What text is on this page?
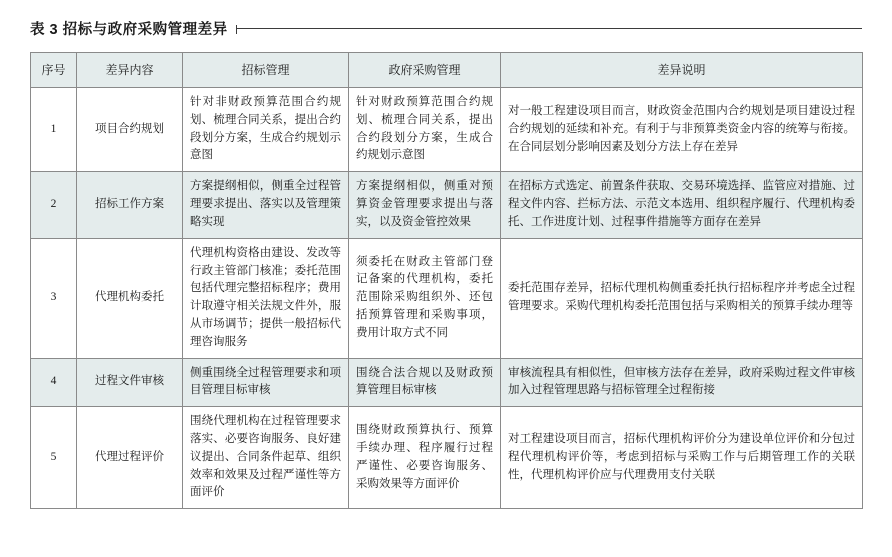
表 3 招标与政府采购管理差异
序号	差异内容	招标管理	政府采购管理	差异说明
1	项目合约规划	针对非财政预算范围合约规划、梳理合同关系，提出合约段划分方案，生成合约规划示意图	针对财政预算范围合约规划、梳理合同关系，提出合约段划分方案，生成合约规划示意图	对一般工程建设项目而言，财政资金范围内合约规划是项目建设过程合约规划的延续和补充。有利于与非预算类资金内容的统筹与衔接。在合同层划分影响因素及划分方法上存在差异
2	招标工作方案	方案提纲相似，侧重全过程管理要求提出、落实以及管理策略实现	方案提纲相似，侧重对预算资金管理要求提出与落实，以及资金管控效果	在招标方式选定、前置条件获取、交易环境选择、监管应对措施、过程文件内容、拦标方法、示范文本选用、组织程序履行、代理机构委托、工作进度计划、过程事件措施等方面存在差异
3	代理机构委托	代理机构资格由建设、发改等行政主管部门核准；委托范围包括代理完整招标程序；费用计取遵守相关法规文件外，服从市场调节；提供一般招标代理咨询服务	须委托在财政主管部门登记备案的代理机构，委托范围除采购组织外、还包括预算管理和采购事项，费用计取方式不同	委托范围存差异，招标代理机构侧重委托执行招标程序并考虑全过程管理要求。采购代理机构委托范围包括与采购相关的预算手续办理等
4	过程文件审核	侧重围绕全过程管理要求和项目管理目标审核	围绕合法合规以及财政预算管理目标审核	审核流程具有相似性，但审核方法存在差异，政府采购过程文件审核加入过程管理思路与招标管理全过程衔接
5	代理过程评价	围绕代理机构在过程管理要求落实、必要咨询服务、良好建议提出、合同条件起草、组织效率和效果及过程严谨性等方面评价	围绕财政预算执行、预算手续办理、程序履行过程严谨性、必要咨询服务、采购效果等方面评价	对工程建设项目而言，招标代理机构评价分为建设单位评价和分包过程代理机构评价等，考虑到招标与采购工作与后期管理工作的关联性，代理机构评价应与代理费用支付关联
